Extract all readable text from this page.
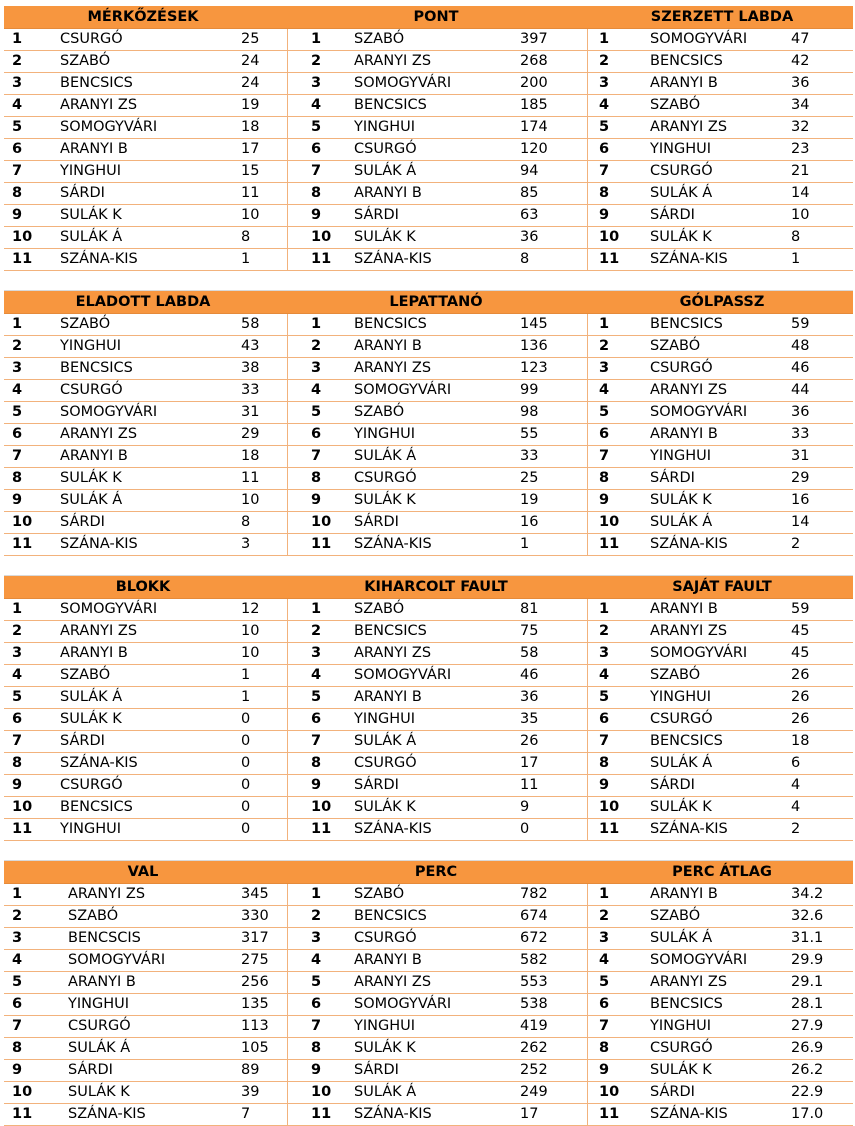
MÉRKŐZÉSEK	PONT	SZERZETT LABDA
1	CSURGÓ	25	1 SZABÓ	397	1	SOMOGYVÁRI	47
2	SZABÓ	24	2 ARANYI ZS	268	2	BENCSICS	42
3	BENCSICS	24	3 SOMOGYVÁRI	200	3	ARANYI B	36
4	ARANYI ZS	19	4 BENCSICS	185	4	SZABÓ	34
5	SOMOGYVÁRI	18	5 YINGHUI	174	5	ARANYI ZS	32
6	ARANYI B	17	6 CSURGÓ	120	6	YINGHUI	23
7	YINGHUI	15	7 SULÁK Á	94	7	CSURGÓ	21
8	SÁRDI	11	8 ARANYI B	85	8	SULÁK Á	14
9	SULÁK K	10	9 SÁRDI	63	9	SÁRDI	10
10 SULÁK Á	8	10 SULÁK K	36	10 SULÁK K	8
11 SZÁNA-KIS	1	11 SZÁNA-KIS	8	11 SZÁNA-KIS	1
ELADOTT LABDA	LEPATTANÓ	GÓLPASSZ
1	SZABÓ	58	1 BENCSICS	145	1	BENCSICS	59
2	YINGHUI	43	2 ARANYI B	136	2	SZABÓ	48
3	BENCSICS	38	3 ARANYI ZS	123	3	CSURGÓ	46
4	CSURGÓ	33	4 SOMOGYVÁRI	99	4	ARANYI ZS	44
5	SOMOGYVÁRI	31	5 SZABÓ	98	5	SOMOGYVÁRI	36
6	ARANYI ZS	29	6 YINGHUI	55	6	ARANYI B	33
7	ARANYI B	18	7 SULÁK Á	33	7	YINGHUI	31
8	SULÁK K	11	8 CSURGÓ	25	8	SÁRDI	29
9	SULÁK Á	10	9 SULÁK K	19	9	SULÁK K	16
10 SÁRDI	8	10 SÁRDI	16	10 SULÁK Á	14
11 SZÁNA-KIS	3	11 SZÁNA-KIS	1	11 SZÁNA-KIS	2
BLOKK	KIHARCOLT FAULT	SAJÁT FAULT
1	SOMOGYVÁRI	12	1 SZABÓ	81	1	ARANYI B	59
2	ARANYI ZS	10	2 BENCSICS	75	2	ARANYI ZS	45
3	ARANYI B	10	3 ARANYI ZS	58	3	SOMOGYVÁRI	45
4	SZABÓ	1	4 SOMOGYVÁRI	46	4	SZABÓ	26
5	SULÁK Á	1	5 ARANYI B	36	5	YINGHUI	26
6	SULÁK K	0	6 YINGHUI	35	6	CSURGÓ	26
7	SÁRDI	0	7 SULÁK Á	26	7	BENCSICS	18
8	SZÁNA-KIS	0	8 CSURGÓ	17	8	SULÁK Á	6
9	CSURGÓ	0	9 SÁRDI	11	9	SÁRDI	4
10 BENCSICS	0	10 SULÁK K	9	10 SULÁK K	4
11 YINGHUI	0	11 SZÁNA-KIS	0	11 SZÁNA-KIS	2
VAL	PERC	PERC ÁTLAG
1	ARANYI ZS	345	1 SZABÓ	782	1	ARANYI B	34.2
2	SZABÓ	330	2 BENCSICS	674	2	SZABÓ	32.6
3	BENCSCIS	317	3 CSURGÓ	672	3	SULÁK Á	31.1
4	SOMOGYVÁRI	275	4 ARANYI B	582	4	SOMOGYVÁRI	29.9
5	ARANYI B	256	5 ARANYI ZS	553	5	ARANYI ZS	29.1
6	YINGHUI	135	6 SOMOGYVÁRI	538	6	BENCSICS	28.1
7	CSURGÓ	113	7 YINGHUI	419	7	YINGHUI	27.9
8	SULÁK Á	105	8 SULÁK K	262	8	CSURGÓ	26.9
9	SÁRDI	89	9 SÁRDI	252	9	SULÁK K	26.2
10 SULÁK K	39	10 SULÁK Á	249	10 SÁRDI	22.9
11 SZÁNA-KIS	7	11 SZÁNA-KIS	17	11 SZÁNA-KIS	17.0
